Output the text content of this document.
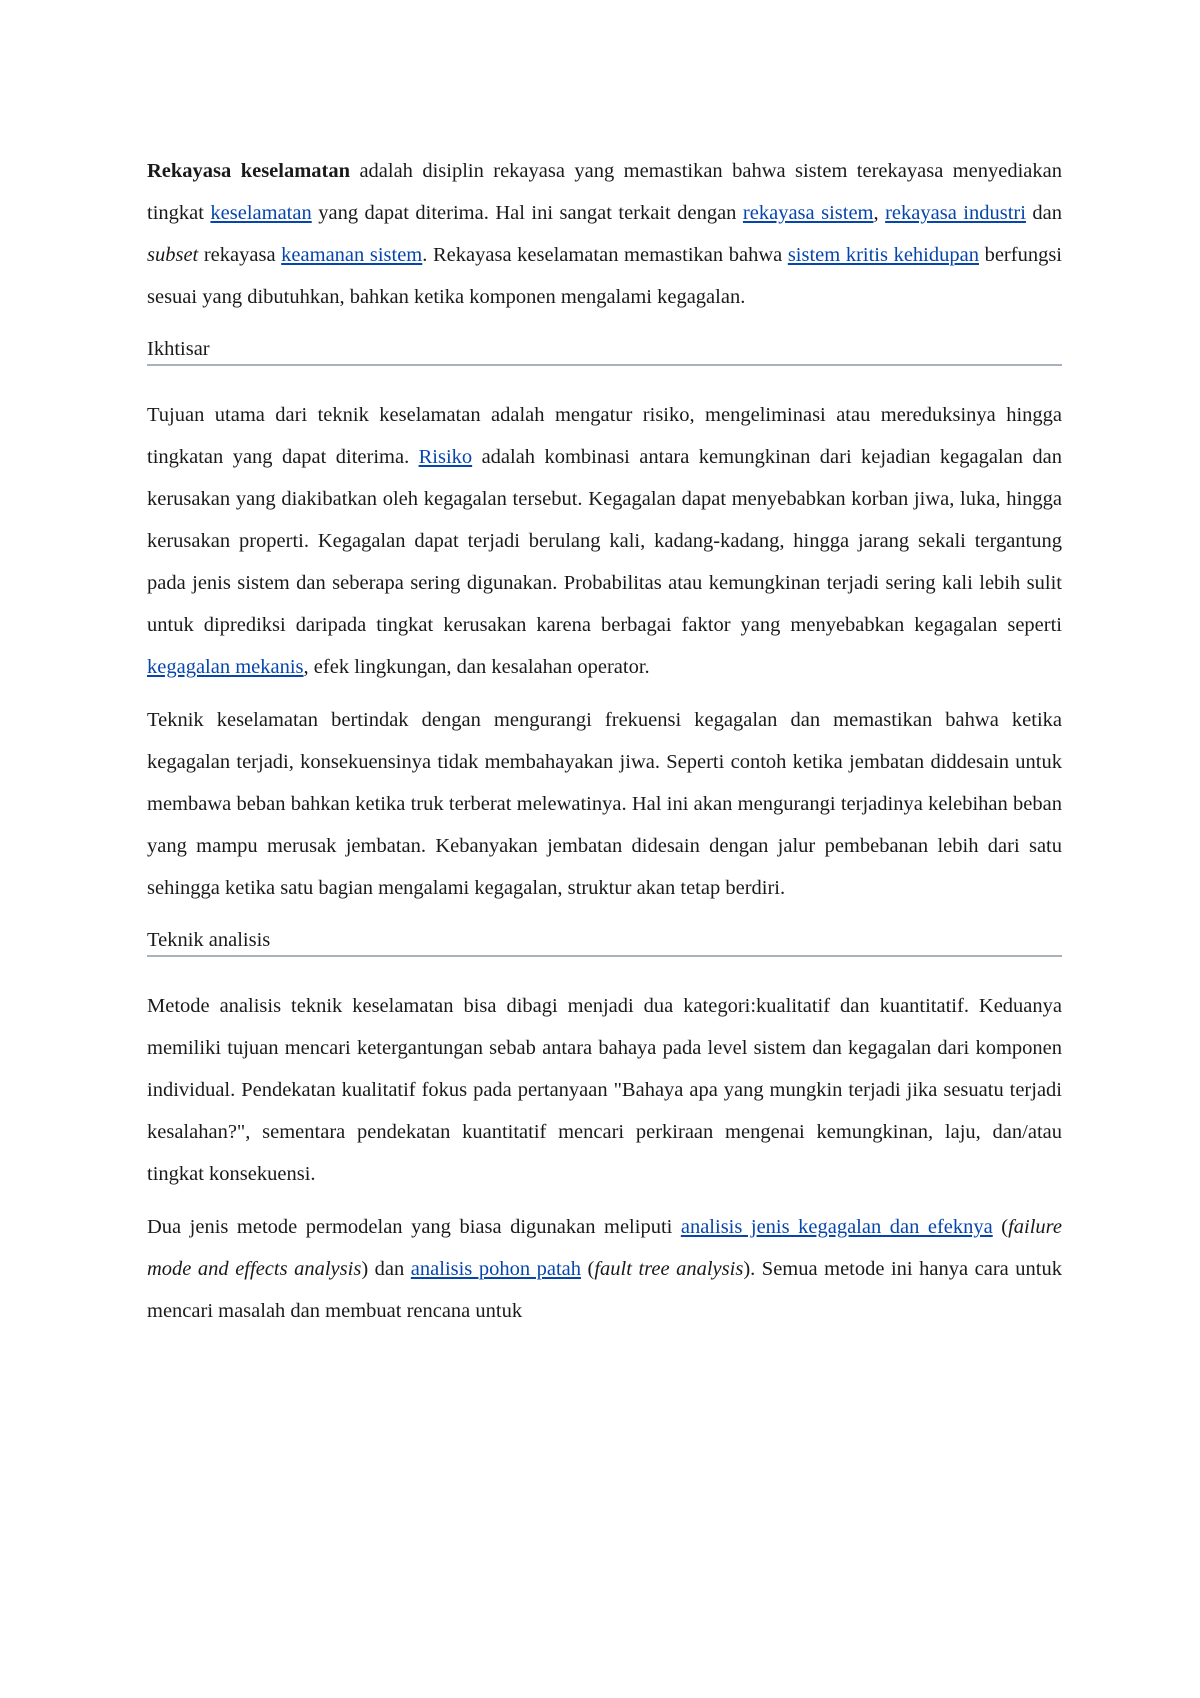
Rekayasa keselamatan adalah disiplin rekayasa yang memastikan bahwa sistem terekayasa menyediakan tingkat keselamatan yang dapat diterima. Hal ini sangat terkait dengan rekayasa sistem, rekayasa industri dan subset rekayasa keamanan sistem. Rekayasa keselamatan memastikan bahwa sistem kritis kehidupan berfungsi sesuai yang dibutuhkan, bahkan ketika komponen mengalami kegagalan.

Ikhtisar

Tujuan utama dari teknik keselamatan adalah mengatur risiko, mengeliminasi atau mereduksinya hingga tingkatan yang dapat diterima. Risiko adalah kombinasi antara kemungkinan dari kejadian kegagalan dan kerusakan yang diakibatkan oleh kegagalan tersebut. Kegagalan dapat menyebabkan korban jiwa, luka, hingga kerusakan properti. Kegagalan dapat terjadi berulang kali, kadang-kadang, hingga jarang sekali tergantung pada jenis sistem dan seberapa sering digunakan. Probabilitas atau kemungkinan terjadi sering kali lebih sulit untuk diprediksi daripada tingkat kerusakan karena berbagai faktor yang menyebabkan kegagalan seperti kegagalan mekanis, efek lingkungan, dan kesalahan operator.

Teknik keselamatan bertindak dengan mengurangi frekuensi kegagalan dan memastikan bahwa ketika kegagalan terjadi, konsekuensinya tidak membahayakan jiwa. Seperti contoh ketika jembatan diddesain untuk membawa beban bahkan ketika truk terberat melewatinya. Hal ini akan mengurangi terjadinya kelebihan beban yang mampu merusak jembatan. Kebanyakan jembatan didesain dengan jalur pembebanan lebih dari satu sehingga ketika satu bagian mengalami kegagalan, struktur akan tetap berdiri.

Teknik analisis

Metode analisis teknik keselamatan bisa dibagi menjadi dua kategori:kualitatif dan kuantitatif. Keduanya memiliki tujuan mencari ketergantungan sebab antara bahaya pada level sistem dan kegagalan dari komponen individual. Pendekatan kualitatif fokus pada pertanyaan "Bahaya apa yang mungkin terjadi jika sesuatu terjadi kesalahan?", sementara pendekatan kuantitatif mencari perkiraan mengenai kemungkinan, laju, dan/atau tingkat konsekuensi.

Dua jenis metode permodelan yang biasa digunakan meliputi analisis jenis kegagalan dan efeknya (failure mode and effects analysis) dan analisis pohon patah (fault tree analysis). Semua metode ini hanya cara untuk mencari masalah dan membuat rencana untuk
